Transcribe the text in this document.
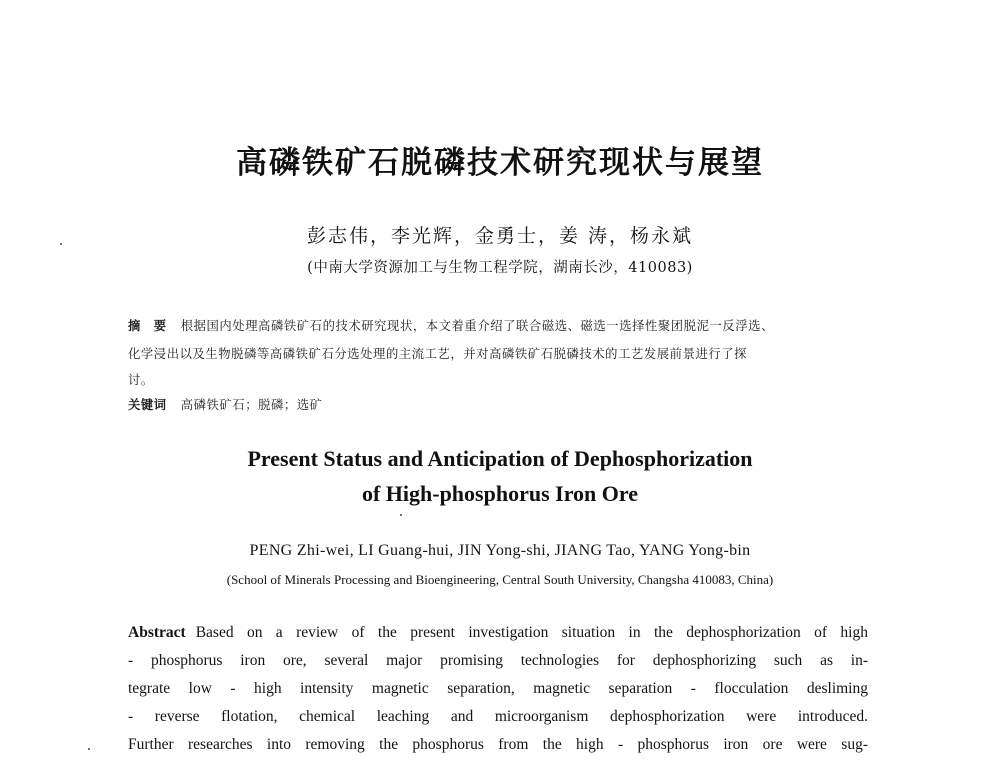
高磷铁矿石脱磷技术研究现状与展望
彭志伟，李光辉，金勇士，姜 涛，杨永斌
(中南大学资源加工与生物工程学院，湖南长沙，410083)
摘　要 根据国内处理高磷铁矿石的技术研究现状，本文着重介绍了联合磁选、磁选一选择性聚团脱泥一反浮选、
化学浸出以及生物脱磷等高磷铁矿石分选处理的主流工艺，并对高磷铁矿石脱磷技术的工艺发展前景进行了探
讨。
关键词 高磷铁矿石；脱磷；选矿
Present Status and Anticipation of Dephosphorization
of High-phosphorus Iron Ore
PENG Zhi-wei, LI Guang-hui, JIN Yong-shi, JIANG Tao, YANG Yong-bin
(School of Minerals Processing and Bioengineering, Central South University, Changsha 410083, China)
Abstract Based on a review of the present investigation situation in the dephosphorization of high
- phosphorus iron ore, several major promising technologies for dephosphorizing such as in-
tegrate low - high intensity magnetic separation, magnetic separation - flocculation desliming
- reverse flotation, chemical leaching and microorganism dephosphorization were introduced.
Further researches into removing the phosphorus from the high - phosphorus iron ore were sug-
